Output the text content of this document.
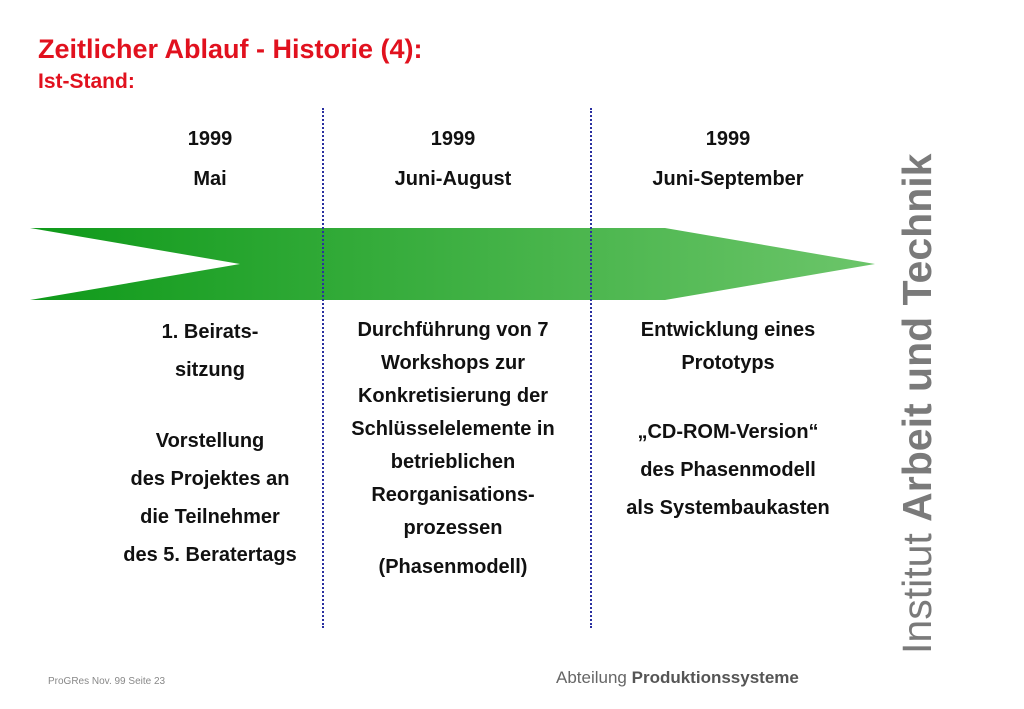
Zeitlicher Ablauf - Historie (4):
Ist-Stand:
1999
Mai
1. Beirats-
sitzung
Vorstellung
des Projektes an
die Teilnehmer
des 5. Beratertags
1999
Juni-August
Durchführung von 7
Workshops zur
Konkretisierung der
Schlüsselelemente in
betrieblichen
Reorganisations-
prozessen
(Phasenmodell)
1999
Juni-September
Entwicklung eines
Prototyps
„CD-ROM-Version“
des Phasenmodell
als Systembaukasten
Institut Arbeit und Technik
ProGRes Nov. 99 Seite 23	Abteilung Produktionssysteme
